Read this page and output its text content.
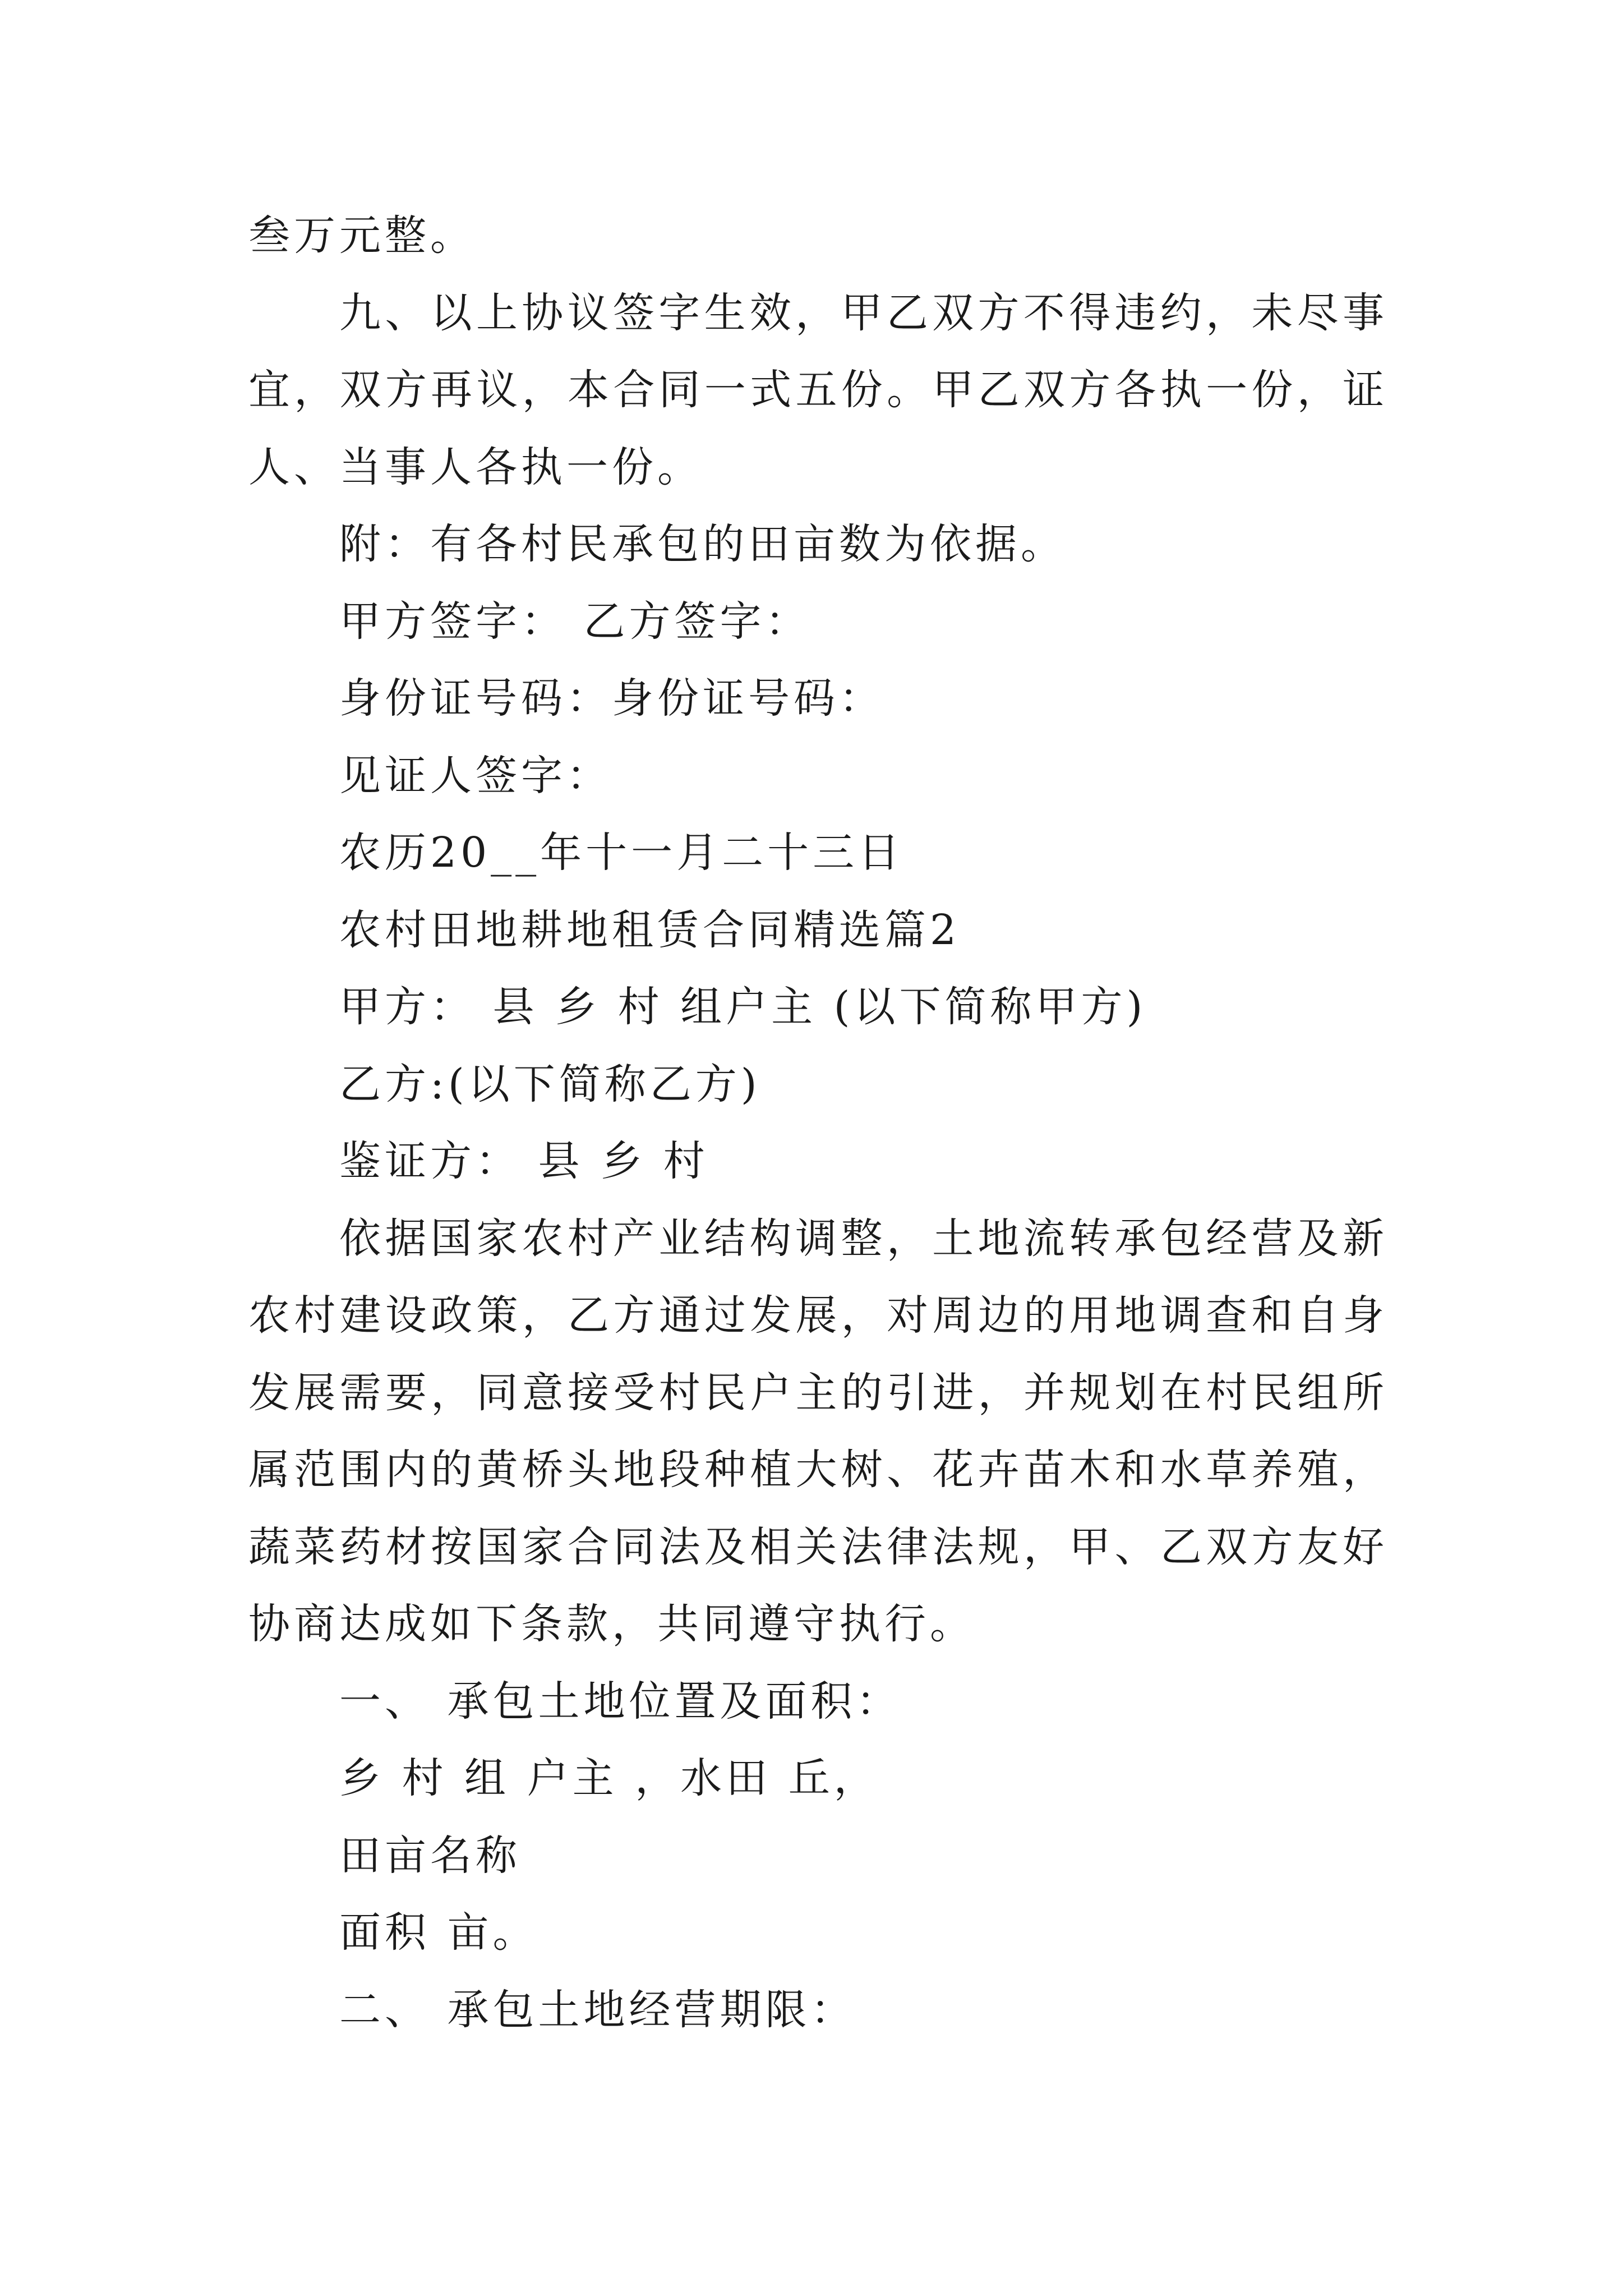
叁万元整。

九、以上协议签字生效，甲乙双方不得违约，未尽事宜，双方再议，本合同一式五份。甲乙双方各执一份，证人、当事人各执一份。

附：有各村民承包的田亩数为依据。

甲方签字： 乙方签字：

身份证号码：身份证号码：

见证人签字：

农历20__年十一月二十三日

农村田地耕地租赁合同精选篇2

甲方： 县 乡 村 组户主 (以下简称甲方)

乙方:(以下简称乙方)

鉴证方： 县 乡 村

依据国家农村产业结构调整，土地流转承包经营及新农村建设政策，乙方通过发展，对周边的用地调查和自身发展需要，同意接受村民户主的引进，并规划在村民组所属范围内的黄桥头地段种植大树、花卉苗木和水草养殖，蔬菜药材按国家合同法及相关法律法规，甲、乙双方友好协商达成如下条款，共同遵守执行。

一、 承包土地位置及面积：

乡 村 组 户主 ，水田 丘，

田亩名称

面积 亩。

二、 承包土地经营期限：
